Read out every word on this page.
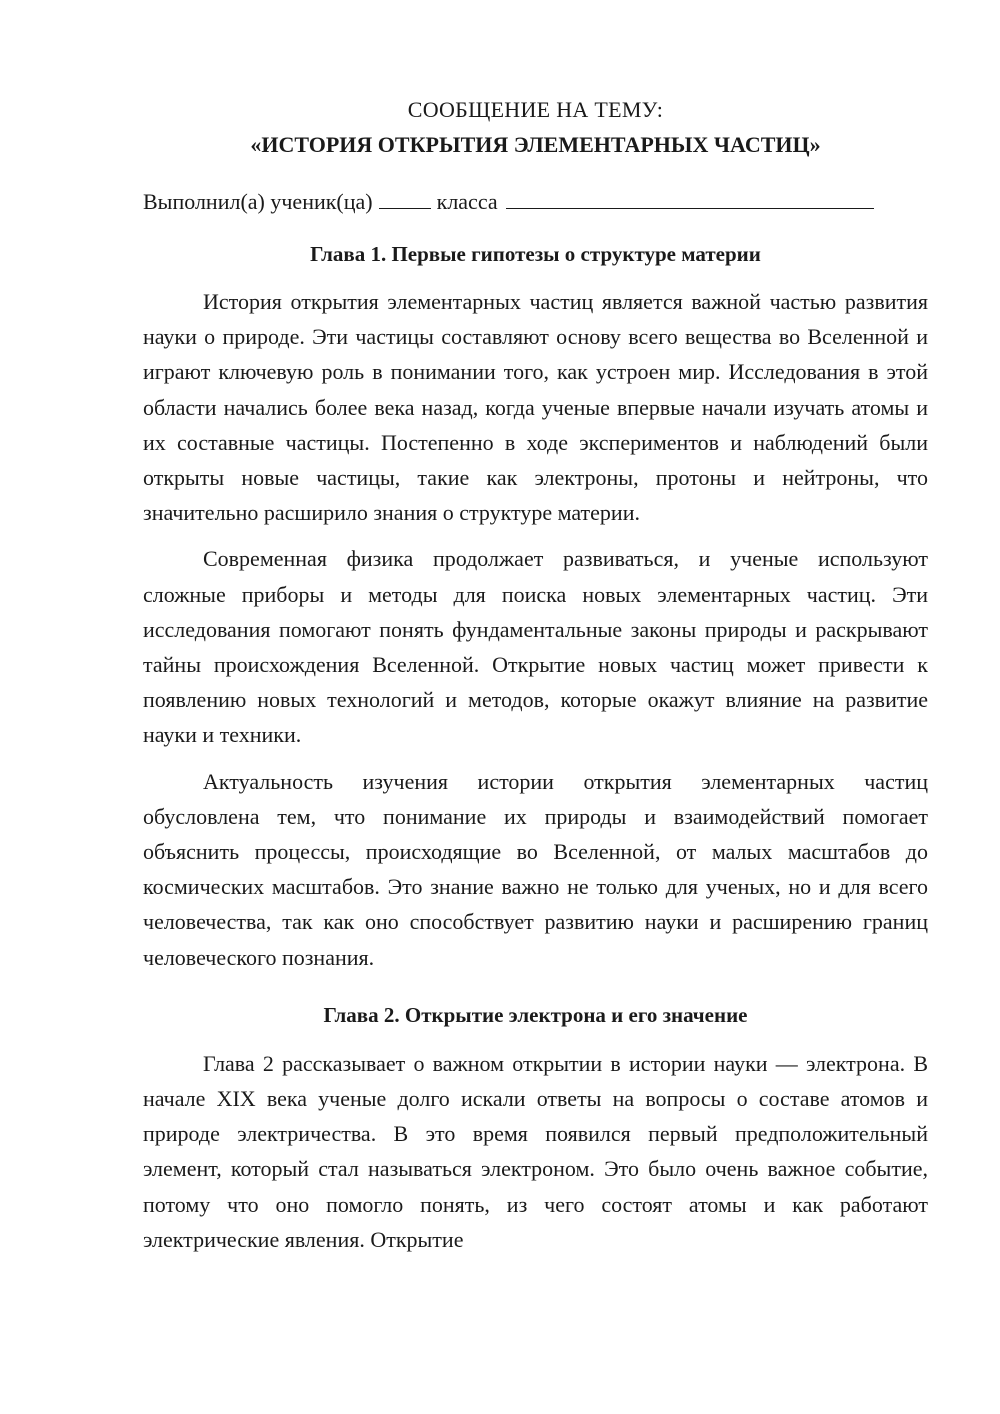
СООБЩЕНИЕ НА ТЕМУ:

«ИСТОРИЯ ОТКРЫТИЯ ЭЛЕМЕНТАРНЫХ ЧАСТИЦ»

Выполнил(а) ученик(ца)	класса

Глава 1. Первые гипотезы о структуре материи

История открытия элементарных частиц является важной частью развития науки о природе. Эти частицы составляют основу всего вещества во Вселенной и играют ключевую роль в понимании того, как устроен мир. Исследования в этой области начались более века назад, когда ученые впервые начали изучать атомы и их составные частицы. Постепенно в ходе экспериментов и наблюдений были открыты новые частицы, такие как электроны, протоны и нейтроны, что значительно расширило знания о структуре материи.

Современная физика продолжает развиваться, и ученые используют сложные приборы и методы для поиска новых элементарных частиц. Эти исследования помогают понять фундаментальные законы природы и раскрывают тайны происхождения Вселенной. Открытие новых частиц может привести к появлению новых технологий и методов, которые окажут влияние на развитие науки и техники.

Актуальность изучения истории открытия элементарных частиц обусловлена тем, что понимание их природы и взаимодействий помогает объяснить процессы, происходящие во Вселенной, от малых масштабов до космических масштабов. Это знание важно не только для ученых, но и для всего человечества, так как оно способствует развитию науки и расширению границ человеческого познания.

Глава 2. Открытие электрона и его значение

Глава 2 рассказывает о важном открытии в истории науки — электрона. В начале XIX века ученые долго искали ответы на вопросы о составе атомов и природе электричества. В это время появился первый предположительный элемент, который стал называться электроном. Это было очень важное событие, потому что оно помогло понять, из чего состоят атомы и как работают электрические явления. Открытие
